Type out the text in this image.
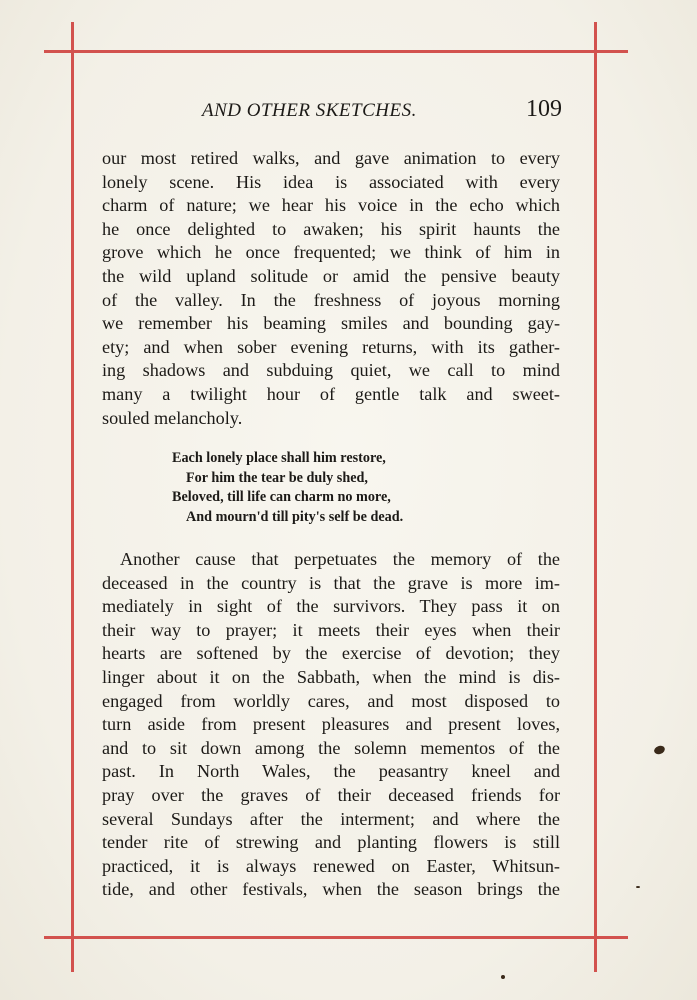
AND OTHER SKETCHES.	109
our most retired walks, and gave animation to every
lonely scene. His idea is associated with every
charm of nature; we hear his voice in the echo which
he once delighted to awaken; his spirit haunts the
grove which he once frequented; we think of him in
the wild upland solitude or amid the pensive beauty
of the valley. In the freshness of joyous morning
we remember his beaming smiles and bounding gay-
ety; and when sober evening returns, with its gather-
ing shadows and subduing quiet, we call to mind
many a twilight hour of gentle talk and sweet-
souled melancholy.
Each lonely place shall him restore,
For him the tear be duly shed,
Beloved, till life can charm no more,
And mourn'd till pity's self be dead.
Another cause that perpetuates the memory of the
deceased in the country is that the grave is more im-
mediately in sight of the survivors. They pass it on
their way to prayer; it meets their eyes when their
hearts are softened by the exercise of devotion; they
linger about it on the Sabbath, when the mind is dis-
engaged from worldly cares, and most disposed to
turn aside from present pleasures and present loves,
and to sit down among the solemn mementos of the
past. In North Wales, the peasantry kneel and
pray over the graves of their deceased friends for
several Sundays after the interment; and where the
tender rite of strewing and planting flowers is still
practiced, it is always renewed on Easter, Whitsun-
tide, and other festivals, when the season brings the
